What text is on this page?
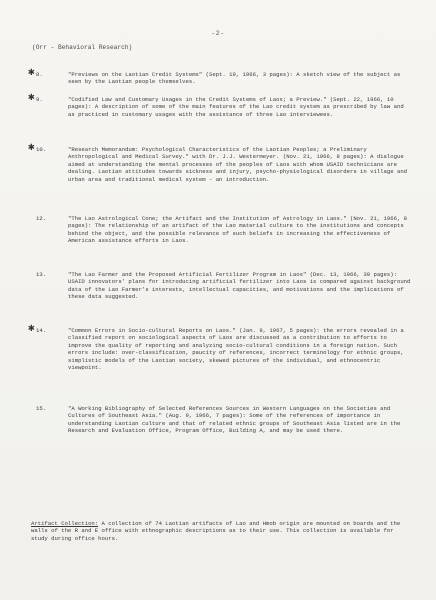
-2-
(Orr - Behavioral Research)
✱ 8.	"Previews on the Laotian Credit Systems" (Sept. 19, 1966, 3 pages): A sketch view of the subject as seen by the Laotian people themselves.
✱ 9.	"Codified Law and Customary Usages in the Credit Systems of Laos; a Preview." (Sept. 22, 1966, 10 pages): A description of some of the main features of the Lao credit system as prescribed by law and as practiced in customary usages with the assistance of three Lao interviewees.
✱ 10.	"Research Memorandum: Psychological Characteristics of the Laotian Peoples; a Preliminary Anthropological and Medical Survey." with Dr. J.J. Westermeyer. (Nov. 21, 1966, 8 pages): A dialogue aimed at understanding the mental processes of the peoples of Laos with whom USAID technicians are dealing. Laotian attitudes towards sickness and injury, psycho-physiological disorders in village and urban area and traditional medical system - an introduction.
12.	"The Lao Astrological Cone; the Artifact and the Institution of Astrology in Laos." (Nov. 21, 1966, 8 pages): The relationship of an artifact of the Lao material culture to the institutions and concepts behind the object, and the possible relevance of such beliefs in increasing the effectiveness of American assistance efforts in Laos.
13.	"The Lao Farmer and the Proposed Artificial Fertilizer Program in Laos" (Dec. 13, 1966, 30 pages): USAID innovators' plans for introducing artificial fertilizer into Laos is compared against background data of the Lao Farmer's interests, intellectual capacities, and motivations and the implications of these data suggested.
✱ 14.	"Common Errors in Socio-cultural Reports on Laos." (Jan. 9, 1967, 5 pages): the errors revealed in a classified report on sociological aspects of Laos are discussed as a contribution to efforts to improve the quality of reporting and analyzing socio-cultural conditions in a foreign nation. Such errors include: over-classification, paucity of references, incorrect terminology for ethnic groups, simplistic models of the Laotian society, skewed pictures of the individual, and ethnocentric viewpoint.
15.	"A Working Bibliography of Selected References Sources in Western Languages on the Societies and Cultures of Southeast Asia." (Aug. 9, 1966, 7 pages): Some of the references of importance in understanding Laotian culture and that of related ethnic groups of Southeast Asia listed are in the Research and Evaluation Office, Program Office, Building A, and may be used there.
Artifact Collection: A collection of 74 Laotian artifacts of Lao and Hmob origin are mounted on boards and the walls of the R and E office with ethnographic descriptions as to their use. This collection is available for study during office hours.
